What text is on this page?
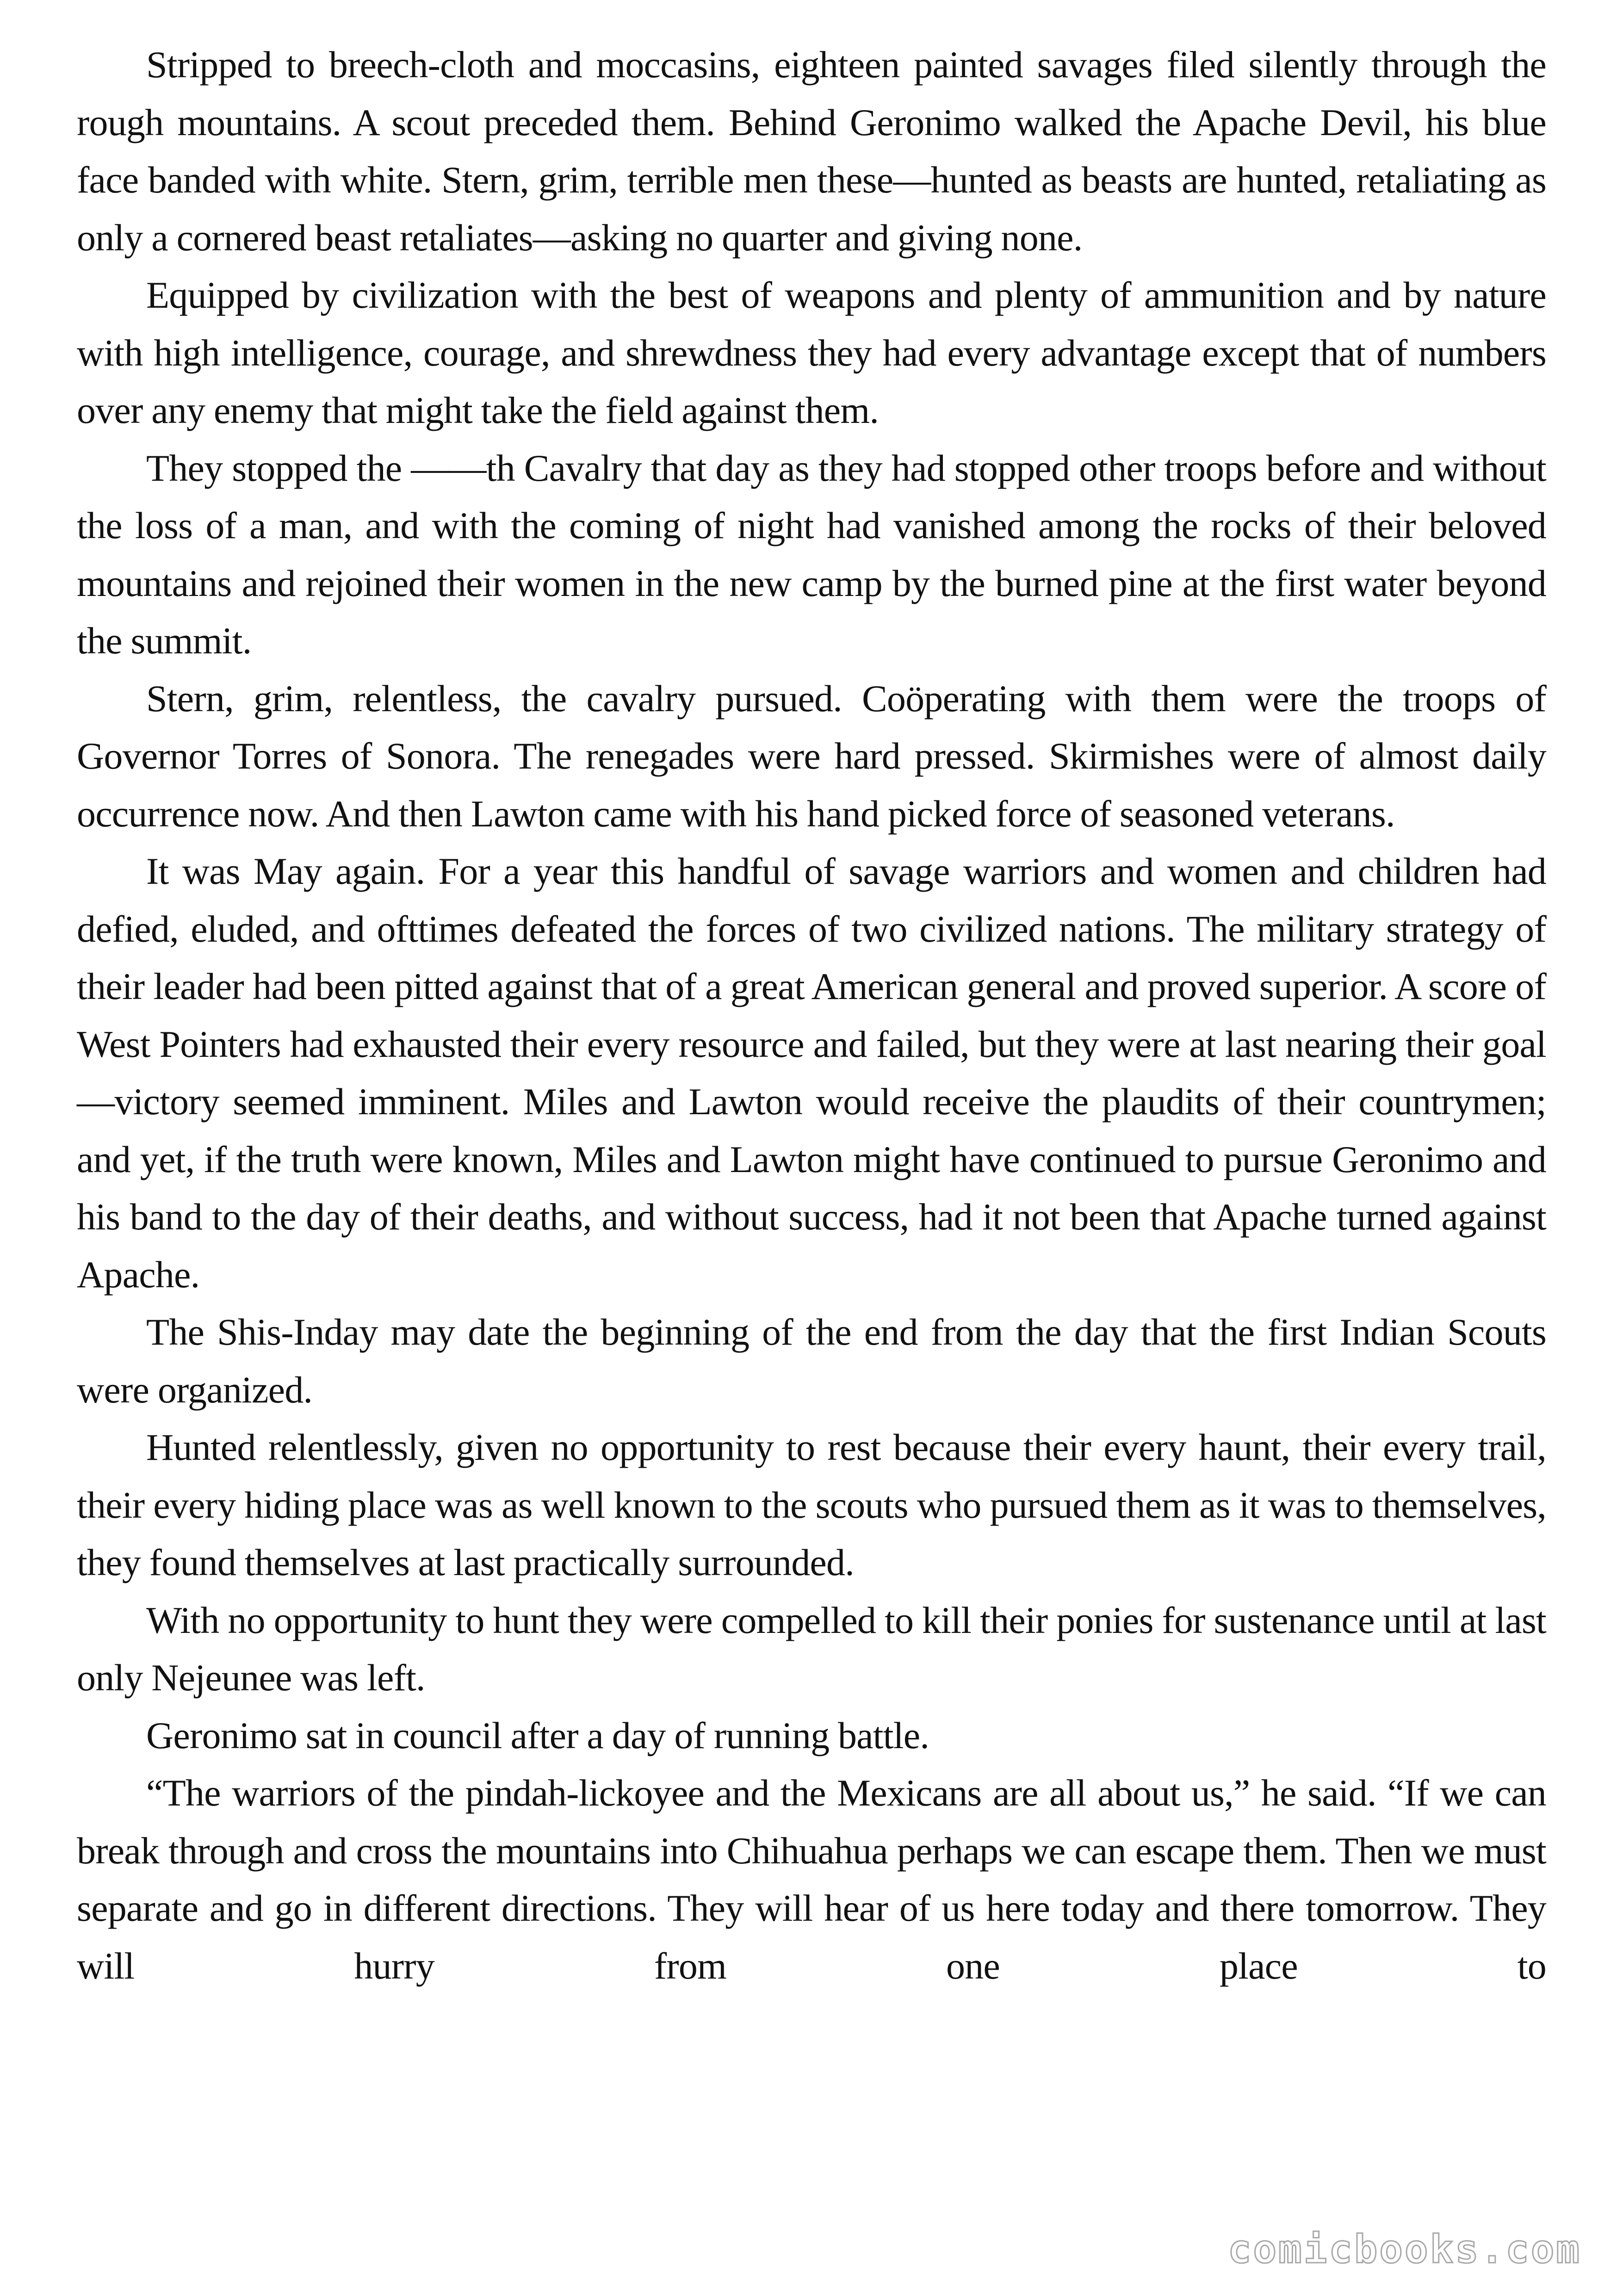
Stripped to breech-cloth and moccasins, eighteen painted savages filed silently through the rough mountains. A scout preceded them. Behind Geronimo walked the Apache Devil, his blue face banded with white. Stern, grim, terrible men these—hunted as beasts are hunted, retaliating as only a cornered beast retaliates—asking no quarter and giving none.

Equipped by civilization with the best of weapons and plenty of ammunition and by nature with high intelligence, courage, and shrewdness they had every advantage except that of numbers over any enemy that might take the field against them.

They stopped the ——th Cavalry that day as they had stopped other troops before and without the loss of a man, and with the coming of night had vanished among the rocks of their beloved mountains and rejoined their women in the new camp by the burned pine at the first water beyond the summit.

Stern, grim, relentless, the cavalry pursued. Coöperating with them were the troops of Governor Torres of Sonora. The renegades were hard pressed. Skirmishes were of almost daily occurrence now. And then Lawton came with his hand picked force of seasoned veterans.

It was May again. For a year this handful of savage warriors and women and children had defied, eluded, and ofttimes defeated the forces of two civilized nations. The military strategy of their leader had been pitted against that of a great American general and proved superior. A score of West Pointers had exhausted their every resource and failed, but they were at last nearing their goal—victory seemed imminent. Miles and Lawton would receive the plaudits of their countrymen; and yet, if the truth were known, Miles and Lawton might have continued to pursue Geronimo and his band to the day of their deaths, and without success, had it not been that Apache turned against Apache.

The Shis-Inday may date the beginning of the end from the day that the first Indian Scouts were organized.

Hunted relentlessly, given no opportunity to rest because their every haunt, their every trail, their every hiding place was as well known to the scouts who pursued them as it was to themselves, they found themselves at last practically surrounded.

With no opportunity to hunt they were compelled to kill their ponies for sustenance until at last only Nejeunee was left.

Geronimo sat in council after a day of running battle.

“The warriors of the pindah-lickoyee and the Mexicans are all about us,” he said. “If we can break through and cross the mountains into Chihuahua perhaps we can escape them. Then we must separate and go in different directions. They will hear of us here today and there tomorrow. They will hurry from one place to

comicbooks.com
